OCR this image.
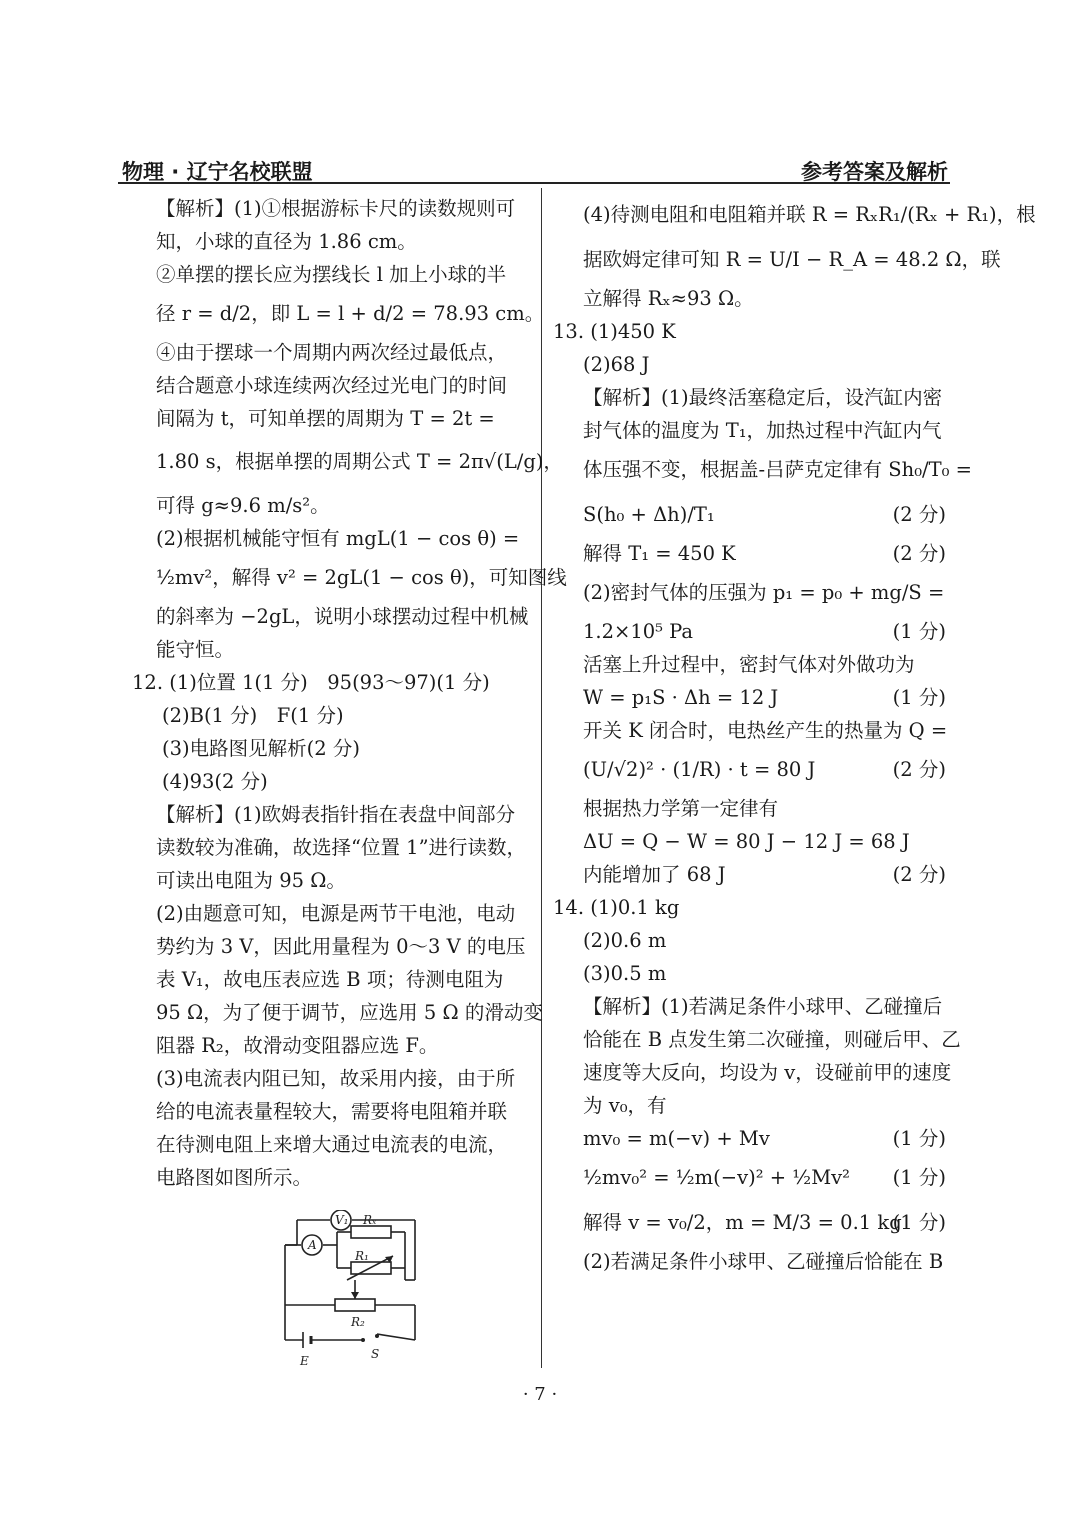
物理 · 辽宁名校联盟	参考答案及解析
【解析】(1)①根据游标卡尺的读数规则可
知，小球的直径为 1.86 cm。
②单摆的摆长应为摆线长 l 加上小球的半
径 r = d/2，即 L = l + d/2 = 78.93 cm。
④由于摆球一个周期内两次经过最低点，
结合题意小球连续两次经过光电门的时间
间隔为 t，可知单摆的周期为 T = 2t =
1.80 s，根据单摆的周期公式 T = 2π√(L/g)，
可得 g≈9.6 m/s²。
(2)根据机械能守恒有 mgL(1 − cos θ) =
½mv²，解得 v² = 2gL(1 − cos θ)，可知图线
的斜率为 −2gL，说明小球摆动过程中机械
能守恒。
12. (1)位置 1(1 分)　95(93～97)(1 分)
(2)B(1 分)　F(1 分)
(3)电路图见解析(2 分)
(4)93(2 分)
【解析】(1)欧姆表指针指在表盘中间部分
读数较为准确，故选择“位置 1”进行读数，
可读出电阻为 95 Ω。
(2)由题意可知，电源是两节干电池，电动
势约为 3 V，因此用量程为 0～3 V 的电压
表 V₁，故电压表应选 B 项；待测电阻为
95 Ω，为了便于调节，应选用 5 Ω 的滑动变
阻器 R₂，故滑动变阻器应选 F。
(3)电流表内阻已知，故采用内接，由于所
给的电流表量程较大，需要将电阻箱并联
在待测电阻上来增大通过电流表的电流，
电路图如图所示。
V₁
A
Rₓ
R₁
R₂
E	S
(4)待测电阻和电阻箱并联 R = RₓR₁/(Rₓ + R₁)，根
据欧姆定律可知 R = U/I − R_A = 48.2 Ω，联
立解得 Rₓ≈93 Ω。
13. (1)450 K
(2)68 J
【解析】(1)最终活塞稳定后，设汽缸内密
封气体的温度为 T₁，加热过程中汽缸内气
体压强不变，根据盖-吕萨克定律有 Sh₀/T₀ =
S(h₀ + Δh)/T₁	(2 分)
解得 T₁ = 450 K	(2 分)
(2)密封气体的压强为 p₁ = p₀ + mg/S =
1.2×10⁵ Pa	(1 分)
活塞上升过程中，密封气体对外做功为
W = p₁S · Δh = 12 J	(1 分)
开关 K 闭合时，电热丝产生的热量为 Q =
(U/√2)² · (1/R) · t = 80 J	(2 分)
根据热力学第一定律有
ΔU = Q − W = 80 J − 12 J = 68 J
内能增加了 68 J	(2 分)
14. (1)0.1 kg
(2)0.6 m
(3)0.5 m
【解析】(1)若满足条件小球甲、乙碰撞后
恰能在 B 点发生第二次碰撞，则碰后甲、乙
速度等大反向，均设为 v，设碰前甲的速度
为 v₀，有
mv₀ = m(−v) + Mv	(1 分)
½mv₀² = ½m(−v)² + ½Mv² (1 分)
解得 v = v₀/2，m = M/3 = 0.1 kg
(1 分)
(2)若满足条件小球甲、乙碰撞后恰能在 B
· 7 ·
